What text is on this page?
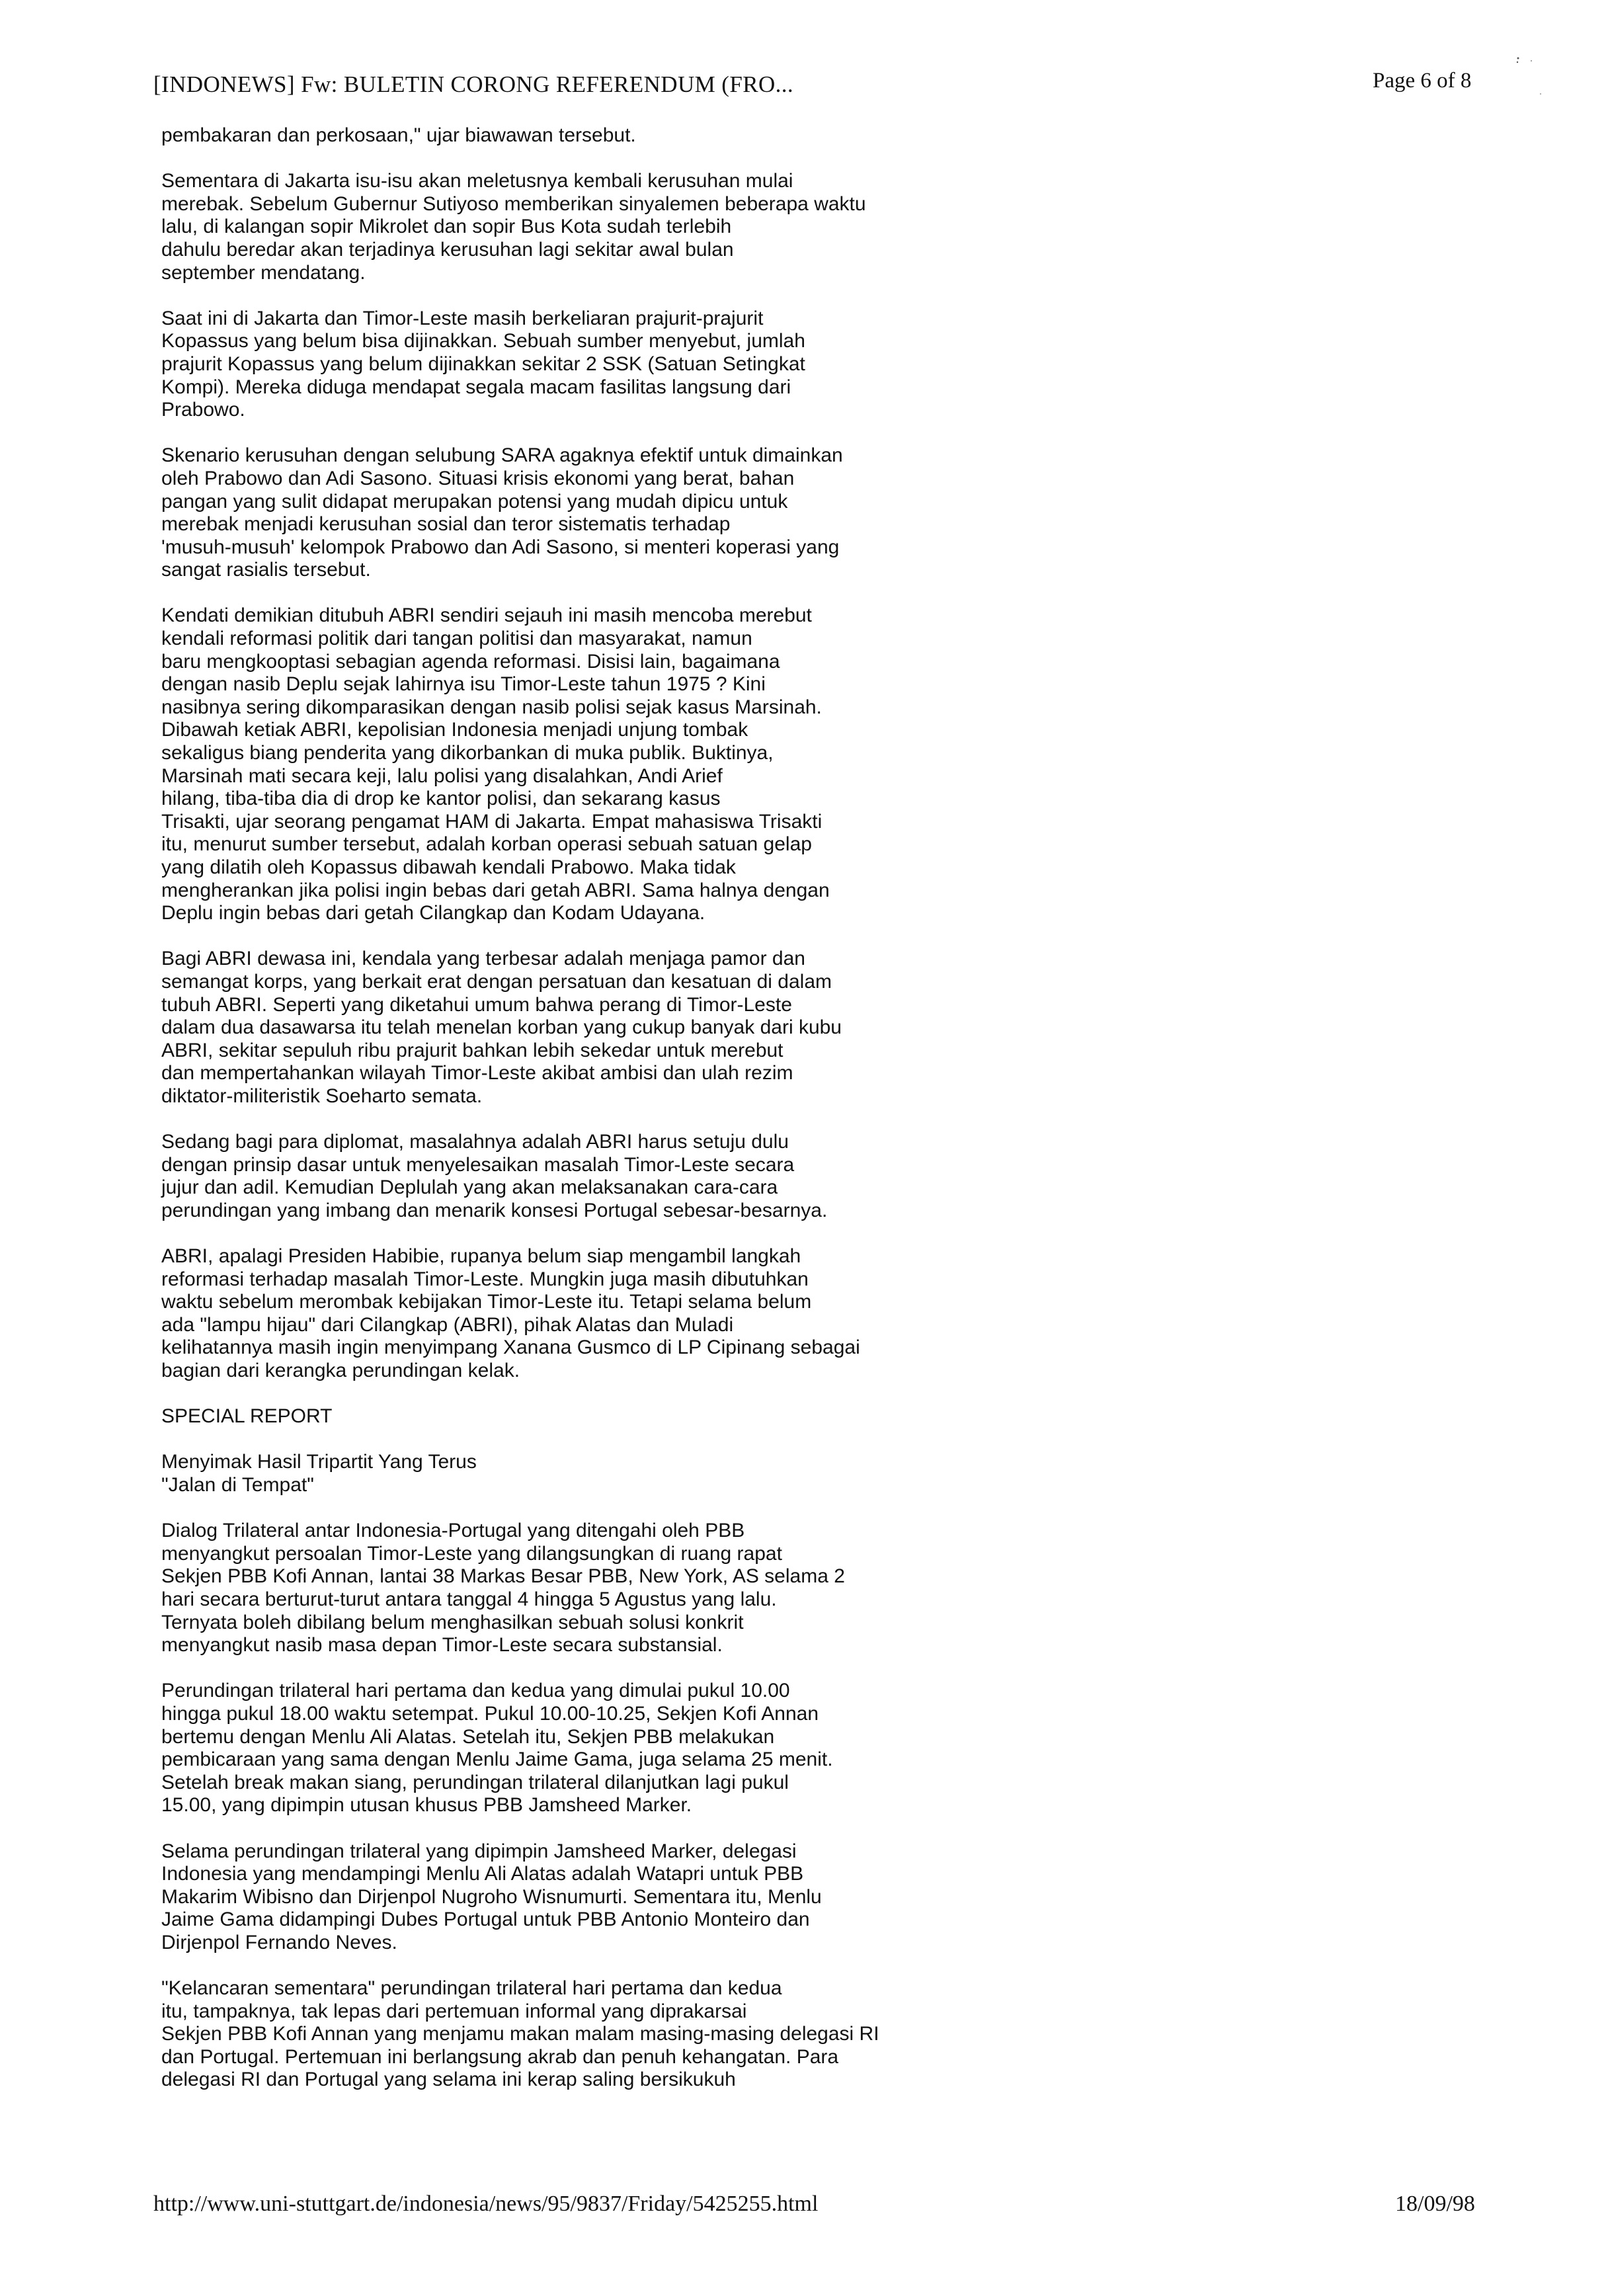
[INDONEWS] Fw: BULETIN CORONG REFERENDUM (FRO...	Page 6 of 8

pembakaran dan perkosaan," ujar biawawan tersebut.

Sementara di Jakarta isu-isu akan meletusnya kembali kerusuhan mulai
merebak. Sebelum Gubernur Sutiyoso memberikan sinyalemen beberapa waktu
lalu, di kalangan sopir Mikrolet dan sopir Bus Kota sudah terlebih
dahulu beredar akan terjadinya kerusuhan lagi sekitar awal bulan
september mendatang.

Saat ini di Jakarta dan Timor-Leste masih berkeliaran prajurit-prajurit
Kopassus yang belum bisa dijinakkan. Sebuah sumber menyebut, jumlah
prajurit Kopassus yang belum dijinakkan sekitar 2 SSK (Satuan Setingkat
Kompi). Mereka diduga mendapat segala macam fasilitas langsung dari
Prabowo.

Skenario kerusuhan dengan selubung SARA agaknya efektif untuk dimainkan
oleh Prabowo dan Adi Sasono. Situasi krisis ekonomi yang berat, bahan
pangan yang sulit didapat merupakan potensi yang mudah dipicu untuk
merebak menjadi kerusuhan sosial dan teror sistematis terhadap
'musuh-musuh' kelompok Prabowo dan Adi Sasono, si menteri koperasi yang
sangat rasialis tersebut.

Kendati demikian ditubuh ABRI sendiri sejauh ini masih mencoba merebut
kendali reformasi politik dari tangan politisi dan masyarakat, namun
baru mengkooptasi sebagian agenda reformasi. Disisi lain, bagaimana
dengan nasib Deplu sejak lahirnya isu Timor-Leste tahun 1975 ? Kini
nasibnya sering dikomparasikan dengan nasib polisi sejak kasus Marsinah.
Dibawah ketiak ABRI, kepolisian Indonesia menjadi unjung tombak
sekaligus biang penderita yang dikorbankan di muka publik. Buktinya,
Marsinah mati secara keji, lalu polisi yang disalahkan, Andi Arief
hilang, tiba-tiba dia di drop ke kantor polisi, dan sekarang kasus
Trisakti, ujar seorang pengamat HAM di Jakarta. Empat mahasiswa Trisakti
itu, menurut sumber tersebut, adalah korban operasi sebuah satuan gelap
yang dilatih oleh Kopassus dibawah kendali Prabowo. Maka tidak
mengherankan jika polisi ingin bebas dari getah ABRI. Sama halnya dengan
Deplu ingin bebas dari getah Cilangkap dan Kodam Udayana.

Bagi ABRI dewasa ini, kendala yang terbesar adalah menjaga pamor dan
semangat korps, yang berkait erat dengan persatuan dan kesatuan di dalam
tubuh ABRI. Seperti yang diketahui umum bahwa perang di Timor-Leste
dalam dua dasawarsa itu telah menelan korban yang cukup banyak dari kubu
ABRI, sekitar sepuluh ribu prajurit bahkan lebih sekedar untuk merebut
dan mempertahankan wilayah Timor-Leste akibat ambisi dan ulah rezim
diktator-militeristik Soeharto semata.

Sedang bagi para diplomat, masalahnya adalah ABRI harus setuju dulu
dengan prinsip dasar untuk menyelesaikan masalah Timor-Leste secara
jujur dan adil. Kemudian Deplulah yang akan melaksanakan cara-cara
perundingan yang imbang dan menarik konsesi Portugal sebesar-besarnya.

ABRI, apalagi Presiden Habibie, rupanya belum siap mengambil langkah
reformasi terhadap masalah Timor-Leste. Mungkin juga masih dibutuhkan
waktu sebelum merombak kebijakan Timor-Leste itu. Tetapi selama belum
ada "lampu hijau" dari Cilangkap (ABRI), pihak Alatas dan Muladi
kelihatannya masih ingin menyimpang Xanana Gusmco di LP Cipinang sebagai
bagian dari kerangka perundingan kelak.

SPECIAL REPORT

Menyimak Hasil Tripartit Yang Terus
"Jalan di Tempat"

Dialog Trilateral antar Indonesia-Portugal yang ditengahi oleh PBB
menyangkut persoalan Timor-Leste yang dilangsungkan di ruang rapat
Sekjen PBB Kofi Annan, lantai 38 Markas Besar PBB, New York, AS selama 2
hari secara berturut-turut antara tanggal 4 hingga 5 Agustus yang lalu.
Ternyata boleh dibilang belum menghasilkan sebuah solusi konkrit
menyangkut nasib masa depan Timor-Leste secara substansial.

Perundingan trilateral hari pertama dan kedua yang dimulai pukul 10.00
hingga pukul 18.00 waktu setempat. Pukul 10.00-10.25, Sekjen Kofi Annan
bertemu dengan Menlu Ali Alatas. Setelah itu, Sekjen PBB melakukan
pembicaraan yang sama dengan Menlu Jaime Gama, juga selama 25 menit.
Setelah break makan siang, perundingan trilateral dilanjutkan lagi pukul
15.00, yang dipimpin utusan khusus PBB Jamsheed Marker.

Selama perundingan trilateral yang dipimpin Jamsheed Marker, delegasi
Indonesia yang mendampingi Menlu Ali Alatas adalah Watapri untuk PBB
Makarim Wibisno dan Dirjenpol Nugroho Wisnumurti. Sementara itu, Menlu
Jaime Gama didampingi Dubes Portugal untuk PBB Antonio Monteiro dan
Dirjenpol Fernando Neves.

"Kelancaran sementara" perundingan trilateral hari pertama dan kedua
itu, tampaknya, tak lepas dari pertemuan informal yang diprakarsai
Sekjen PBB Kofi Annan yang menjamu makan malam masing-masing delegasi RI
dan Portugal. Pertemuan ini berlangsung akrab dan penuh kehangatan. Para
delegasi RI dan Portugal yang selama ini kerap saling bersikukuh

http://www.uni-stuttgart.de/indonesia/news/95/9837/Friday/5425255.html	18/09/98
